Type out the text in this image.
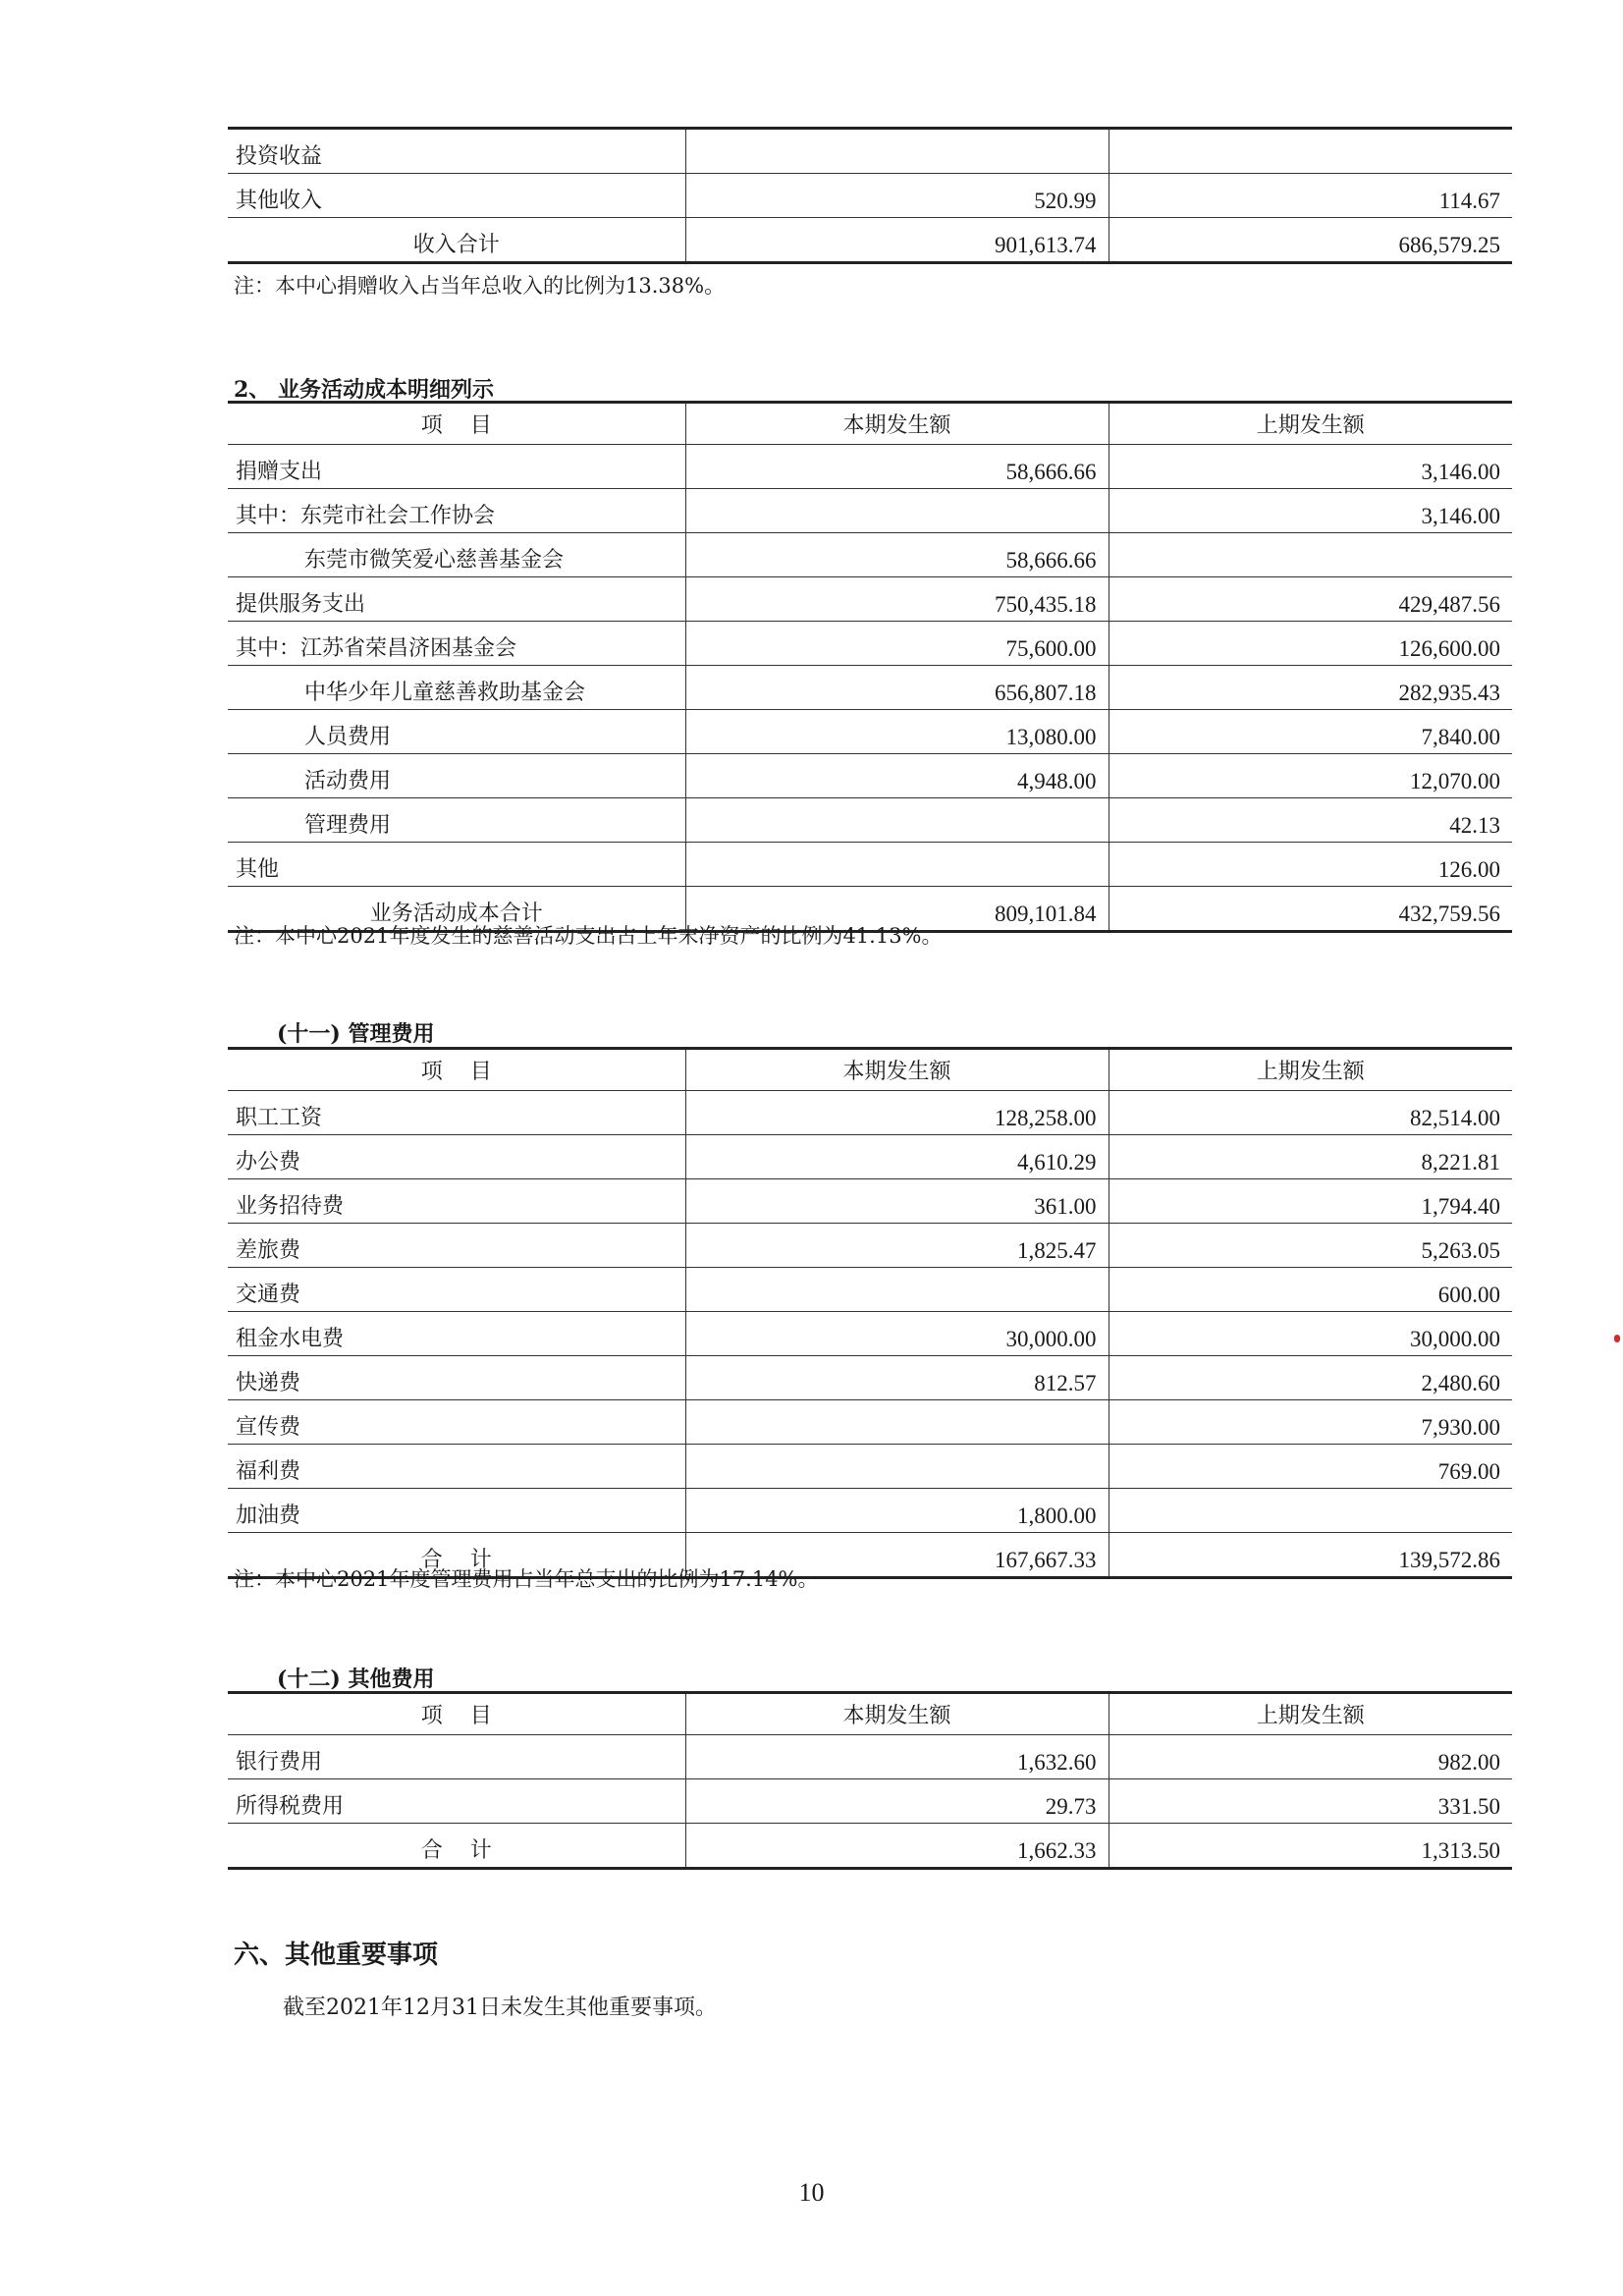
投资收益		
其他收入	520.99	114.67
收入合计	901,613.74	686,579.25
注：本中心捐赠收入占当年总收入的比例为13.38%。
2、 业务活动成本明细列示
项    目	本期发生额	上期发生额
捐赠支出	58,666.66	3,146.00
其中：东莞市社会工作协会		3,146.00
东莞市微笑爱心慈善基金会	58,666.66	
提供服务支出	750,435.18	429,487.56
其中：江苏省荣昌济困基金会	75,600.00	126,600.00
中华少年儿童慈善救助基金会	656,807.18	282,935.43
人员费用	13,080.00	7,840.00
活动费用	4,948.00	12,070.00
管理费用		42.13
其他		126.00
业务活动成本合计	809,101.84	432,759.56
注：本中心2021年度发生的慈善活动支出占上年末净资产的比例为41.13%。
(十一) 管理费用
项    目	本期发生额	上期发生额
职工工资	128,258.00	82,514.00
办公费	4,610.29	8,221.81
业务招待费	361.00	1,794.40
差旅费	1,825.47	5,263.05
交通费		600.00
租金水电费	30,000.00	30,000.00
快递费	812.57	2,480.60
宣传费		7,930.00
福利费		769.00
加油费	1,800.00	
合    计	167,667.33	139,572.86
注：本中心2021年度管理费用占当年总支出的比例为17.14%。
(十二) 其他费用
项    目	本期发生额	上期发生额
银行费用	1,632.60	982.00
所得税费用	29.73	331.50
合    计	1,662.33	1,313.50
六、其他重要事项
截至2021年12月31日未发生其他重要事项。
10
